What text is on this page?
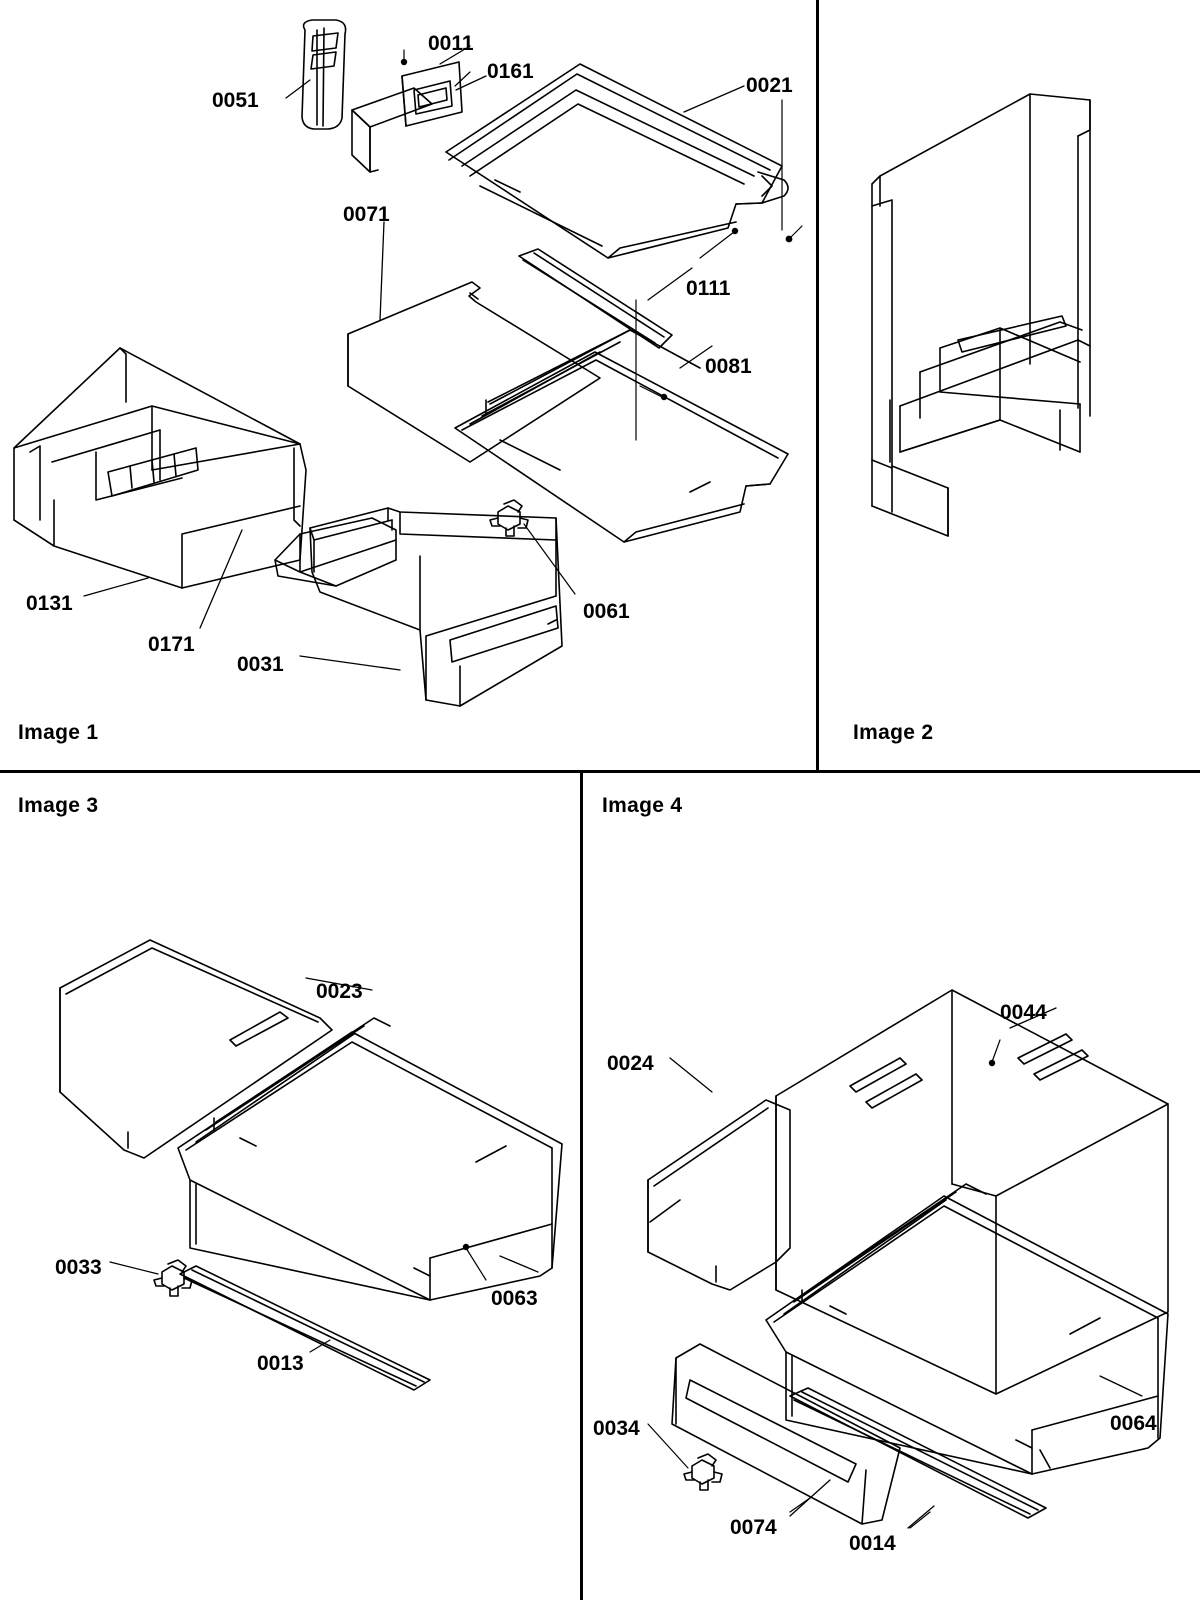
Image 1	Image 2
Image 3	Image 4
0011
0161
0021
0051
0071
0111
0081
0131	0061
0171
0031
0023
0033
0063
0013
0044
0024
0064
0034
0074
0014
